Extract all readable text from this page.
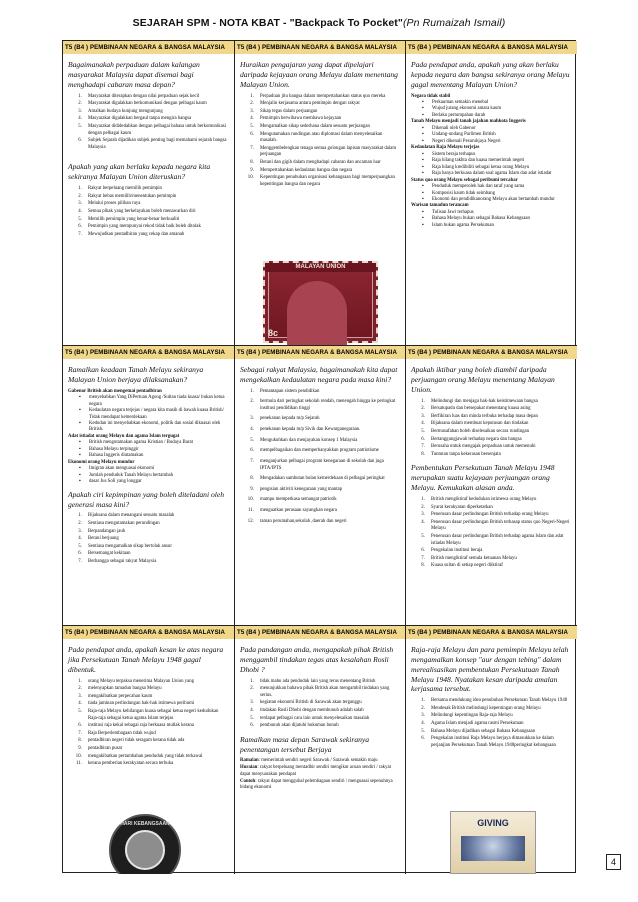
SEJARAH SPM - NOTA KBAT - "Backpack To Pocket"(Pn Rumaizah Ismail)
T5 (B4 ) PEMBINAAN NEGARA & BANGSA MALAYSIA
Bagaimanakah perpaduan dalam kalangan masyarakat Malaysia dapat disemai bagi menghadapi cabaran masa depan?
1. Masyarakat diterapkan dengan nilai perpaduan sejak kecil
2. Masyarakat digalakkan berkomunikasi dengan pelbagai kaum
3. Amalkan budaya kunjung mengunjung
4. Masyarakat digalakkan bergaul tanpa mengira bangsa
5. Masyarakat dididedahkan dengan pelbagai bahasa untuk berkomunikasi dengan pelbagai kaum
6. Subjek Sejarah dijadikan subjek penting bagi memahami sejarah bangsa Malaysia
Apakah yang akan berlaku kepada negara kita sekiranya Malayan Union diteruskan?
1. Rakyat berpeluang memilih pemimpin
2. Rakyat bebas memilih/menentukan pemimpin
3. Melalui proses pilihan raya
4. Semua pihak yang berkelayakan boleh menawarkan diri
5. Memilih pemimpin yang benar-benar berkualiti
6. Pemimpin yang mempunyai rekod tidak baik boleh ditolak
7. Mewujudkan pentadbiran yang cekap dan amanah
T5 (B4 ) PEMBINAAN NEGARA & BANGSA MALAYSIA
Huraikan pengajaran yang dapat dipelajari daripada kejayaan orang Melayu dalam menentang Malayan Union.
1. Perpaduan jitu bangsa dalam mempertahankan status quo mereka
2. Menjalin kerjasama antara pemimpin dengan rakyat
3. Sikap tegas dalam perjuangan
4. Pemimpin berwibawa membawa kejayaan
5. Mengamalkan sikap sederhana dalam sesuatu perjuangan
6. Mengutamakan rundingan atau diplomasi dalam menyelesaikan masalah.
7. Menggembelengkan tenaga semua golongan lapisan masyarakat dalam perjuangan
8. Berani dan gigih dalam menghadapi cabaran dan ancaman luar
9. Mempertahankan kedaulatan bangsa dan negara
10. Kepentingan penubuhan organisasi kebangsaan bagi memperjuangkan kepentingan bangsa dan negara
MALAYAN UNION
8c
T5 (B4 ) PEMBINAAN NEGARA & BANGSA MALAYSIA
Pada pendapat anda, apakah yang akan berlaku kepada negara dan bangsa sekiranya orang Melayu gagal menentang Malayan Union?
Negara tidak stabil
▪ Perkauman semakin menebal
▪ Wujud jurang ekonomi antara kaum
▪ Berlaku pertumpahan darah
Tanah Melayu menjadi tanah jajahan mahkota Inggeris
▪ Dikenali oleh Gabenor
▪ Undang-undang Parlimen British
▪ Negeri dikenali Pesuruhjaya Negeri
Kedaulatan Raja Melayu terjejas
▪ Sistem beraja terhapus
▪ Raja hilang takhta dan kuasa memerintah negeri
▪ Raja hilang kredibiliti sebagai ketua orang Melayu
▪ Raja hanya berkuasa dalam soal agama Islam dan adat istiadat
Status quo orang Melayu sebagai peribumi tercabar
▪ Penduduk memperoleh hak dan taraf yang sama
▪ Komposisi kaum tidak seimbang
▪ Ekonomi dan pendidikanorang Melayu akan bertambah mundur
Warisan tamadun terancam
▪ Tulisan Jawi terhapus
▪ Bahasa Melayu bukan sebagai Bahasa Kebangsaan
▪ Islam bukan agama Persekutuan
T5 (B4 ) PEMBINAAN NEGARA & BANGSA MALAYSIA
Ramalkan keadaan Tanah Melayu sekiranya Malayan Union berjaya dilaksanakan?
Gabenor British akan mengetuai pentadbiran
▪ menyebabkan Yang DiPertuan Agong /Sultan tiada kuasa/ bukan ketua negara
▪ Kedaulatan negara terjejas / negara kita masih di bawah kuasa British/ Tidak mendapat kemerdekaan
▪ Kedudan ini menyebabkan ekonomi, politik dan sosial dikuasai oleh British.
Adat istiadat orang Melayu dan agama Islam tergugat
▪ British mengutamakan agama Kristian / Budaya Barat
▪ Bahasa Melayu terpinggir
▪ Bahasa Inggeris diutamakan
Ekonomi orang Melayu mundur
▪ Imigran akan menguasai ekonomi
▪ Jumlah penduduk Tanah Melayu bertambah
▪ dasar Jus Soli yang longgar
Apakah ciri kepimpinan yang boleh diteladani oleh generasi masa kini?
1. Bijaksana dalam menangani sesuatu masalah
2. Sentiasa mengutamakan perundingan
3. Berpandangan jauh
4. Berani berjuang
5. Sentiasa mengamalkan sikap bertolak ansur
6. Bersemangat kekitaan
7. Berbangga sebagai rakyat Malaysia
T5 (B4 ) PEMBINAAN NEGARA & BANGSA MALAYSIA
Sebagai rakyat Malaysia, bagaimanakah kita dapat mengekalkan kedaulatan negara pada masa kini?
1. Pemantapan sistem pendidikan
2. bermula dari peringkat sekolah rendah, menengah hingga ke peringkat institusi pendidikan tinggi
3. penekanan kepada m/p Sejarah
4. penekanan kepada m/p Sivik dan Kewarganegaraan.
5. Mengukuhkan dan menjayakan konsep 1 Malaysia
6. mempelbagaikan dan memperbanyakkan program patriotisme
7. menganjurkan pelbagai program kenegaraan di sekolah dan juga IPTA/IPTS
8. Mengadakan sambutan bulan kemerdekaan di pelbagai peringkat
9. pengisian aktiviti kenegaraan yang mantap
10. mampu memperkasa semangat patriotik
11. menguatkan perasaan sayangkan negara
12. taman perumahan,sekolah ,daerah dan negeri
T5 (B4 ) PEMBINAAN NEGARA & BANGSA MALAYSIA
Apakah iktibar yang boleh diambil daripada perjuangan orang Melayu menentang Malayan Union.
1. Melindungi dan menjaga hak-hak keistimewaan bangsa
2. Bersatupadu dan bersepakat menentang kuasa asing
3. Berfikiran luas dan minda terbuka terhadap masa depan
4. Bijaksana dalam membuat keputusan dan tindakan
5. Bermusafahan boleh diselesaikan secara rundingan
6. Bertanggungjawab terhadap negara dan bangsa
7. Berusaha untuk mengajak perpaduan untuk memenuhi
8. Tuntutan tanpa kekerasan bersenjata
Pembentukan Persekutuan Tanah Melayu 1948 merupakan suatu kejayaan perjuangan orang Melayu. Kemukakan alasan anda.
1. British mengiktiraf kedudukan istimewa orang Melayu
2. Syarat kerakyatan diperketatkan
3. Penerusan dasar perlindungan British terhadap orang Melayu
4. Penerusan dasar perlindungan British terhasap status quo Negeri-Negeri Melayu
5. Penerusan dasar perlindungan British terhadap agama Islam dan adat istiadat Melayu
6. Pengekalan institusi beraja
7. British mengiktiraf semula ketuanan Melayu
8. Kuasa sultan di setiap negeri diiktiraf
T5 (B4 ) PEMBINAAN NEGARA & BANGSA MALAYSIA
Pada pendapat anda, apakah kesan ke atas negara jika Persekutuan Tanah Melayu 1948 gagal dibentuk.
1. orang Melayu terpaksa menerima Malayan Union yang
2. melenyapkan tamadun bangsa Melayu
3. mengakibatkan perpecahan kaum
4. tiada jaminan perlindungan hak-hak istimewa peribumi
5. Raja-raja Melayu kehilangan kuasa sebagai ketua negeri kedudukan Raja-raja sebagai ketua agama Islam terjejas
6. institusi raja kekal sebagai raja berkuasa mutlak kerana
7. Raja Berperlembagaan tidak wujud
8. pentadbiran negeri tidak seragam kerana tidak ada
9. pentadbiran pusat
10. mengakibatkan pertambahan penduduk yang tidak terkawal
11. kerana pemberian kerakyatan secara terbuka
HARI KEBANGSAAN
T5 (B4 ) PEMBINAAN NEGARA & BANGSA MALAYSIA
Pada pandangan anda, mengapakah pihak British menggambil tindakan tegas atas kesalahan Rosli Dhobi ?
1. tidak mahu ada penduduk lain yang terus menentang British
2. menunjukkan bahawa pihak British akan mengambil tindakan yang serius.
3. kegiatan ekonomi British di Sarawak akan terganggu
4. tindakan Rosli Dhobi dengan membunuh adalah salah
5. terdapat pelbagai cara lain untuk menyelesaikan masalah
6. pembunuh akan dijatuhi hukuman bunuh
Ramalkan masa depan Sarawak sekiranya penentangan tersebut Berjaya
Ramalan: memerintah sendiri negeri Sarawak / Sarawak semakin maju
Huraian: rakyat berpeluang mentadbir sendiri mengikut acuan sendiri / rakyat dapat menyuarakan pendapat
Contoh: rakyat dapat menggubal pelembagaan sendiri / menguasai sepenuhnya bidang ekonomi
T5 (B4 ) PEMBINAAN NEGARA & BANGSA MALAYSIA
Raja-raja Melayu dan para pemimpin Melayu telah mengamalkan konsep "aur dengan tebing" dalam merealisasikan pembentukan Persekutuan Tanah Melayu 1948. Nyatakan kesan daripada amalan kerjasama tersebut.
1. Bersama mendukung idea penubuhan Persekutuan Tanah Melayu 1948
2. Mendesak British melindungi kepentingan orang Melayu
3. Melindungi kepentingan Raja-raja Melayu
4. Agama Islam menjadi agama rasmi Persekutuan
5. Bahasa Melayu dijadikan sebagai Bahasa Kebangsaan
6. Pengekalan institusi Raja Melayu berjaya dimasukkan ke dalam perjanjian Persekutuan Tanah Melayu 1948peringkat kebangsaan
GIVING
4
